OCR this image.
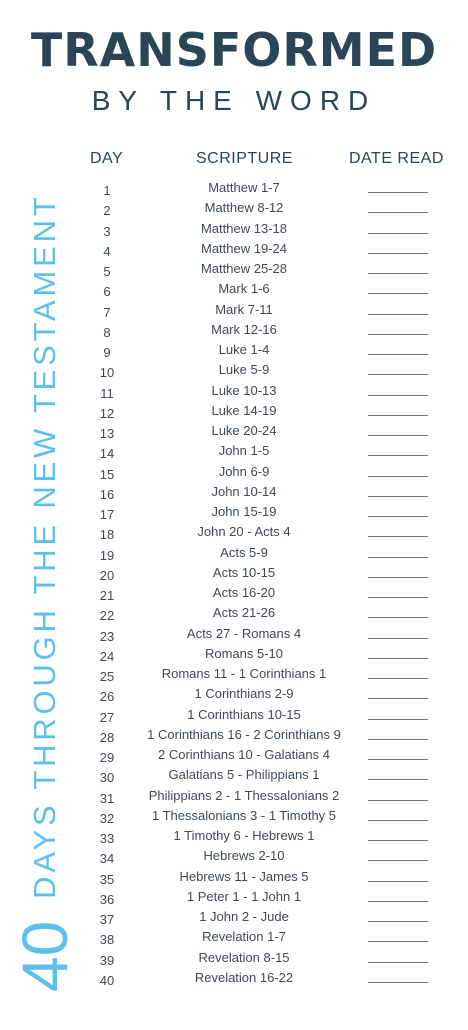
TRANSFORMED
BY THE WORD
40
DAYS THROUGH THE NEW TESTAMENT
DAY	SCRIPTURE	DATE READ
1	Matthew 1-7
2	Matthew 8-12
3	Matthew 13-18
4	Matthew 19-24
5	Matthew 25-28
6	Mark 1-6
7	Mark 7-11
8	Mark 12-16
9	Luke 1-4
10	Luke 5-9
11	Luke 10-13
12	Luke 14-19
13	Luke 20-24
14	John 1-5
15	John 6-9
16	John 10-14
17	John 15-19
18	John 20 - Acts 4
19	Acts 5-9
20	Acts 10-15
21	Acts 16-20
22	Acts 21-26
23	Acts 27 - Romans 4
24	Romans 5-10
25	Romans 11 - 1 Corinthians 1
26	1 Corinthians 2-9
27	1 Corinthians 10-15
28	1 Corinthians 16 - 2 Corinthians 9
29	2 Corinthians 10 - Galatians 4
30	Galatians 5 - Philippians 1
31	Philippians 2 - 1 Thessalonians 2
32	1 Thessalonians 3 - 1 Timothy 5
33	1 Timothy 6 - Hebrews 1
34	Hebrews 2-10
35	Hebrews 11 - James 5
36	1 Peter 1 - 1 John 1
37	1 John 2 - Jude
38	Revelation 1-7
39	Revelation 8-15
40	Revelation 16-22
